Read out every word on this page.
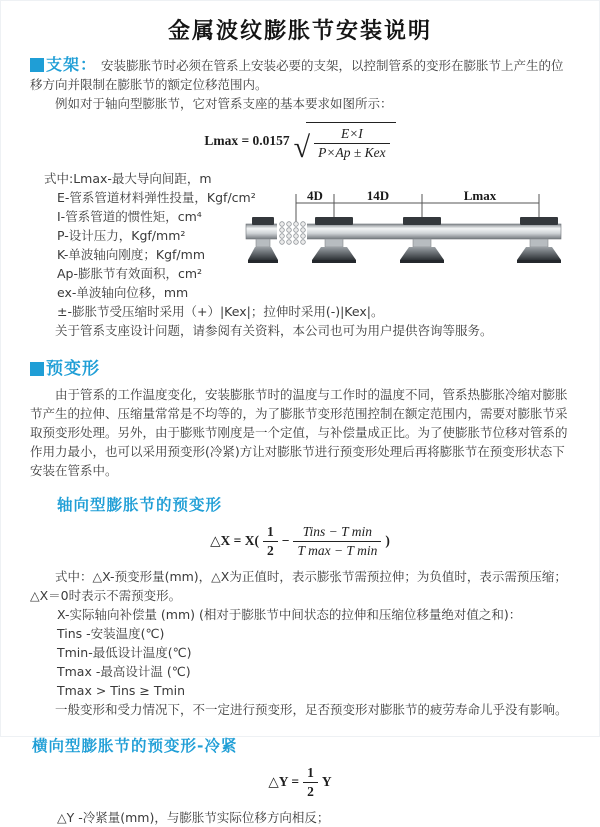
金属波纹膨胀节安装说明

支架： 安装膨胀节时必须在管系上安装必要的支架，以控制管系的变形在膨胀节上产生的位移方向并限制在膨胀节的额定位移范围内。

例如对于轴向型膨胀节，它对管系支座的基本要求如图所示：

Lmax = 0.0157 √ $\frac{E\times I}{\text{P×Ap ± Kex}}$
式中:Lmax-最大导向间距，m
E-管系管道材料弹性投量，Kgf/cm²
I-管系管道的惯性矩，cm⁴
P-设计压力，Kgf/mm²
K-单波轴向刚度；Kgf/mm
Ap-膨胀节有效面积，cm²
ex-单波轴向位移，mm
±-膨胀节受压缩时采用（+）|Kex|；拉伸时采用(-)|Kex|。

关于管系支座设计问题，请参阅有关资料，本公司也可为用户提供咨询等服务。

4D	14D	Lmax
预变形

由于管系的工作温度变化，安装膨胀节时的温度与工作时的温度不同，管系热膨胀冷缩对膨胀节产生的拉伸、压缩量常常是不均等的，为了膨胀节变形范围控制在额定范围内，需要对膨胀节采取预变形处理。另外，由于膨账节刚度是一个定值，与补偿量成正比。为了使膨胀节位移对管系的作用力最小，也可以采用预变形(冷紧)方让对膨胀节进行预变形处理后再将膨胀节在预变形状态下安装在管系中。

轴向型膨胀节的预变形
△X = $X( \frac{1}{2} - \frac{\text{Tins − T min}}{\text{T max − T min}}$ )

式中：△X-预变形量(mm)，△X为正值时，表示膨张节需预拉伸；为负值时，表示需预压缩；△X＝0时表示不需预变形。

X-实际轴向补偿量 (mm) (相对于膨胀节中间状态的拉伸和压缩位移量绝对值之和)：
Tins -安装温度(℃)
Tmin-最低设计温度(℃)
Tmax -最高设计温 (℃)
Tmax > Tins ≥ Tmin

一般变形和受力情况下，不一定进行预变形，足否预变形对膨胀节的疲劳寿命儿乎没有影响。

横向型膨胀节的预变形-冷紧
△Y = $\frac{1}{2}$ Y

△Y -冷紧量(mm)，与膨胀节实际位移方向相反；
